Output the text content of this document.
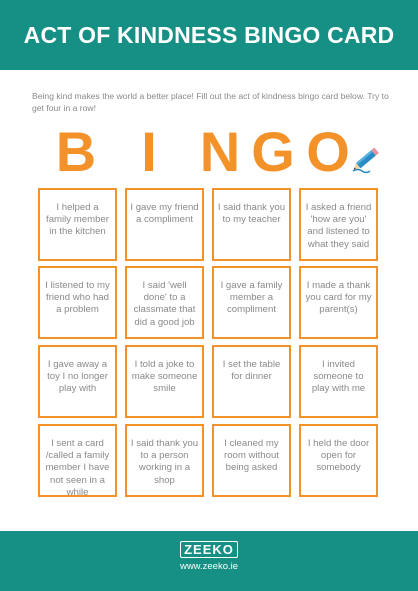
ACT OF KINDNESS BINGO CARD
Being kind makes the world a better place! Fill out the act of kindness bingo card below. Try to get four in a row!
B I N G O
I helped a family member in the kitchen
I gave my friend a compliment
I said thank you to my teacher
I asked a friend 'how are you' and listened to what they said
I listened to my friend who had a problem
I said 'well done' to a classmate that did a good job
I gave a family member a compliment
I made a thank you card for my parent(s)
I gave away a toy I no longer play with
I told a joke to make someone smile
I set the table for dinner
I invited someone to play with me
I sent a card /called a family member I have not seen in a while
I said thank you to a person working in a shop
I cleaned my room without being asked
I held the door open for somebody
ZEEKO
www.zeeko.ie
